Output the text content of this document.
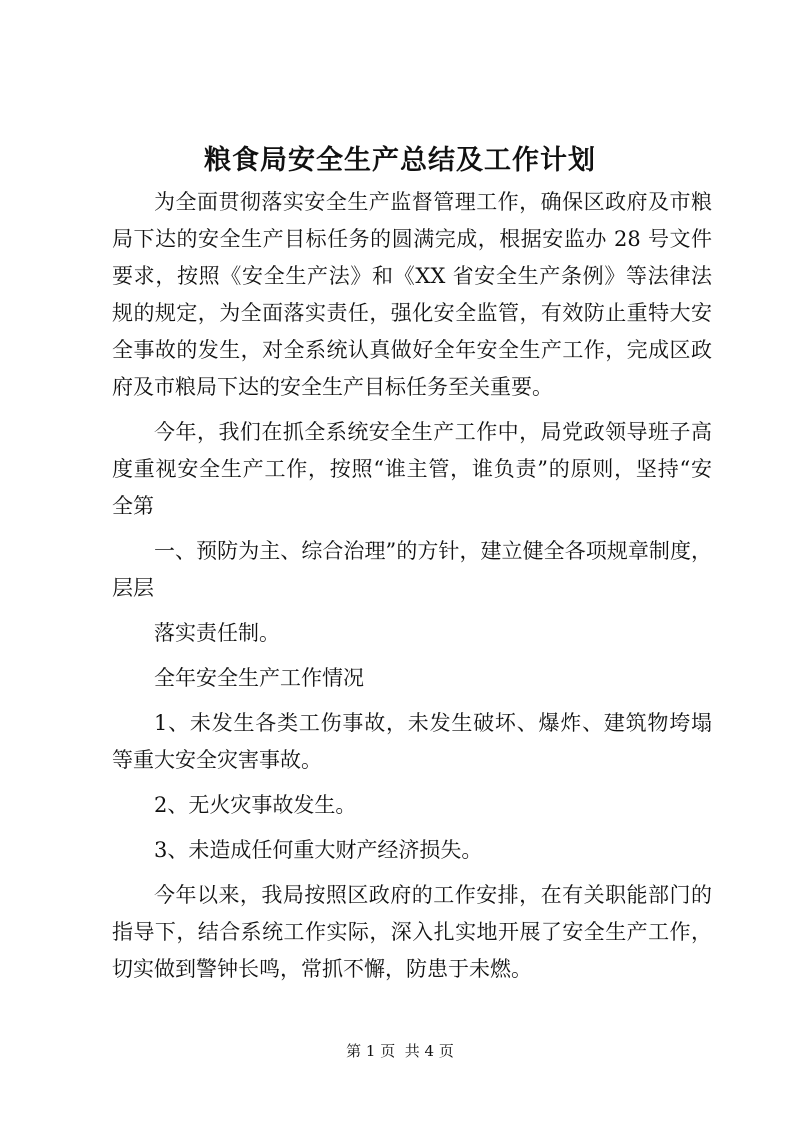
粮食局安全生产总结及工作计划
为全面贯彻落实安全生产监督管理工作，确保区政府及市粮
局下达的安全生产目标任务的圆满完成，根据安监办 28 号文件
要求，按照《安全生产法》和《XX 省安全生产条例》等法律法
规的规定，为全面落实责任，强化安全监管，有效防止重特大安
全事故的发生，对全系统认真做好全年安全生产工作，完成区政
府及市粮局下达的安全生产目标任务至关重要。
今年，我们在抓全系统安全生产工作中，局党政领导班子高
度重视安全生产工作，按照“谁主管，谁负责”的原则，坚持“安
全第
一、预防为主、综合治理”的方针，建立健全各项规章制度，
层层
落实责任制。
全年安全生产工作情况
1、未发生各类工伤事故，未发生破坏、爆炸、建筑物垮塌
等重大安全灾害事故。
2、无火灾事故发生。
3、未造成任何重大财产经济损失。
今年以来，我局按照区政府的工作安排，在有关职能部门的
指导下，结合系统工作实际，深入扎实地开展了安全生产工作，
切实做到警钟长鸣，常抓不懈，防患于未燃。
第 1 页  共 4 页
